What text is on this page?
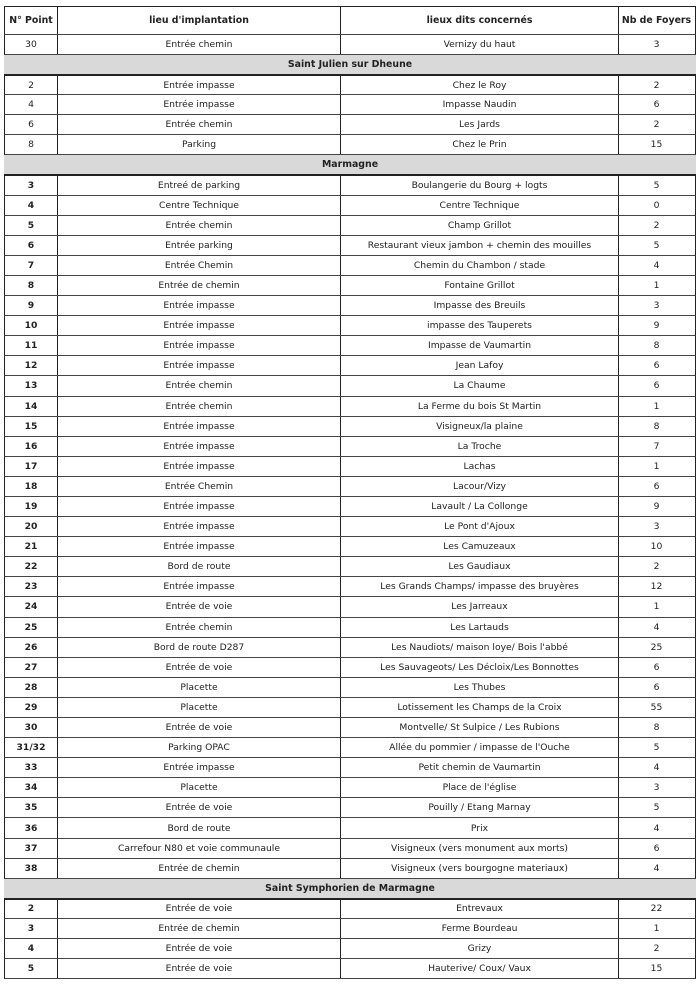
N° Point	lieu d'implantation	lieux dits concernés	Nb de Foyers
30	Entrée chemin	Vernizy du haut	3
Saint Julien sur Dheune
2	Entrée impasse	Chez le Roy	2
4	Entrée impasse	Impasse Naudin	6
6	Entrée chemin	Les Jards	2
8	Parking	Chez le Prin	15
Marmagne
3	Entreé de parking	Boulangerie du Bourg + logts	5
4	Centre Technique	Centre Technique	0
5	Entrée chemin	Champ Grillot	2
6	Entrée parking	Restaurant vieux jambon + chemin des mouilles	5
7	Entrée Chemin	Chemin du Chambon / stade	4
8	Entrée de chemin	Fontaine Grillot	1
9	Entrée impasse	Impasse des Breuils	3
10	Entrée impasse	impasse des Tauperets	9
11	Entrée impasse	Impasse de Vaumartin	8
12	Entrée impasse	Jean Lafoy	6
13	Entrée chemin	La Chaume	6
14	Entrée chemin	La Ferme du bois St Martin	1
15	Entrée impasse	Visigneux/la plaine	8
16	Entrée impasse	La Troche	7
17	Entrée impasse	Lachas	1
18	Entrée Chemin	Lacour/Vizy	6
19	Entrée impasse	Lavault / La Collonge	9
20	Entrée impasse	Le Pont d'Ajoux	3
21	Entrée impasse	Les Camuzeaux	10
22	Bord de route	Les Gaudiaux	2
23	Entrée impasse	Les Grands Champs/ impasse des bruyères	12
24	Entrée de voie	Les Jarreaux	1
25	Entrée chemin	Les Lartauds	4
26	Bord de route D287	Les Naudiots/ maison loye/ Bois l'abbé	25
27	Entrée de voie	Les Sauvageots/ Les Décloix/Les Bonnottes	6
28	Placette	Les Thubes	6
29	Placette	Lotissement les Champs de la Croix	55
30	Entrée de voie	Montvelle/ St Sulpice / Les Rubions	8
31/32	Parking OPAC	Allée du pommier / impasse de l'Ouche	5
33	Entrée impasse	Petit chemin de Vaumartin	4
34	Placette	Place de l'église	3
35	Entrée de voie	Pouilly / Etang Marnay	5
36	Bord de route	Prix	4
37	Carrefour N80 et voie communaule	Visigneux (vers monument aux morts)	6
38	Entrée de chemin	Visigneux (vers bourgogne materiaux)	4
Saint Symphorien de Marmagne
2	Entrée de voie	Entrevaux	22
3	Entrée de chemin	Ferme Bourdeau	1
4	Entrée de voie	Grizy	2
5	Entrée de voie	Hauterive/ Coux/ Vaux	15
